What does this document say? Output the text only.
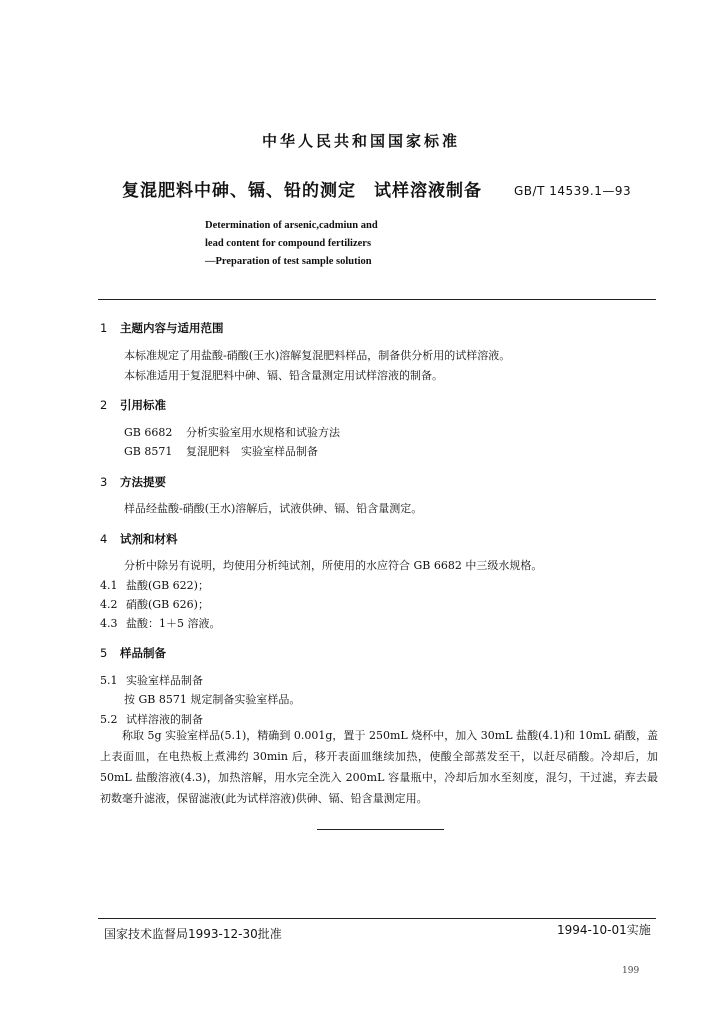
中华人民共和国国家标准
复混肥料中砷、镉、铅的测定　试样溶液制备	GB/T 14539.1—93
Determination of arsenic,cadmiun and
lead content for compound fertilizers
—Preparation of test sample solution
1 主题内容与适用范围
本标准规定了用盐酸-硝酸(王水)溶解复混肥料样品，制备供分析用的试样溶液。
本标准适用于复混肥料中砷、镉、铅含量测定用试样溶液的制备。
2 引用标准
GB 6682 分析实验室用水规格和试验方法
GB 8571 复混肥料　实验室样品制备
3 方法提要
样品经盐酸-硝酸(王水)溶解后，试液供砷、镉、铅含量测定。
4 试剂和材料
分析中除另有说明，均使用分析纯试剂，所使用的水应符合 GB 6682 中三级水规格。
4.1 盐酸(GB 622)；
4.2 硝酸(GB 626)；
4.3 盐酸：1＋5 溶液。
5 样品制备
5.1 实验室样品制备
按 GB 8571 规定制备实验室样品。
5.2 试样溶液的制备
称取 5g 实验室样品(5.1)，精确到 0.001g，置于 250mL 烧杯中，加入 30mL 盐酸(4.1)和 10mL 硝酸，盖上表面皿，在电热板上煮沸约 30min 后，移开表面皿继续加热，使酸全部蒸发至干，以赶尽硝酸。冷却后，加 50mL 盐酸溶液(4.3)，加热溶解，用水完全洗入 200mL 容量瓶中，冷却后加水至刻度，混匀，干过滤，弃去最初数毫升滤液，保留滤液(此为试样溶液)供砷、镉、铅含量测定用。
国家技术监督局1993-12-30批准	1994-10-01实施
199
